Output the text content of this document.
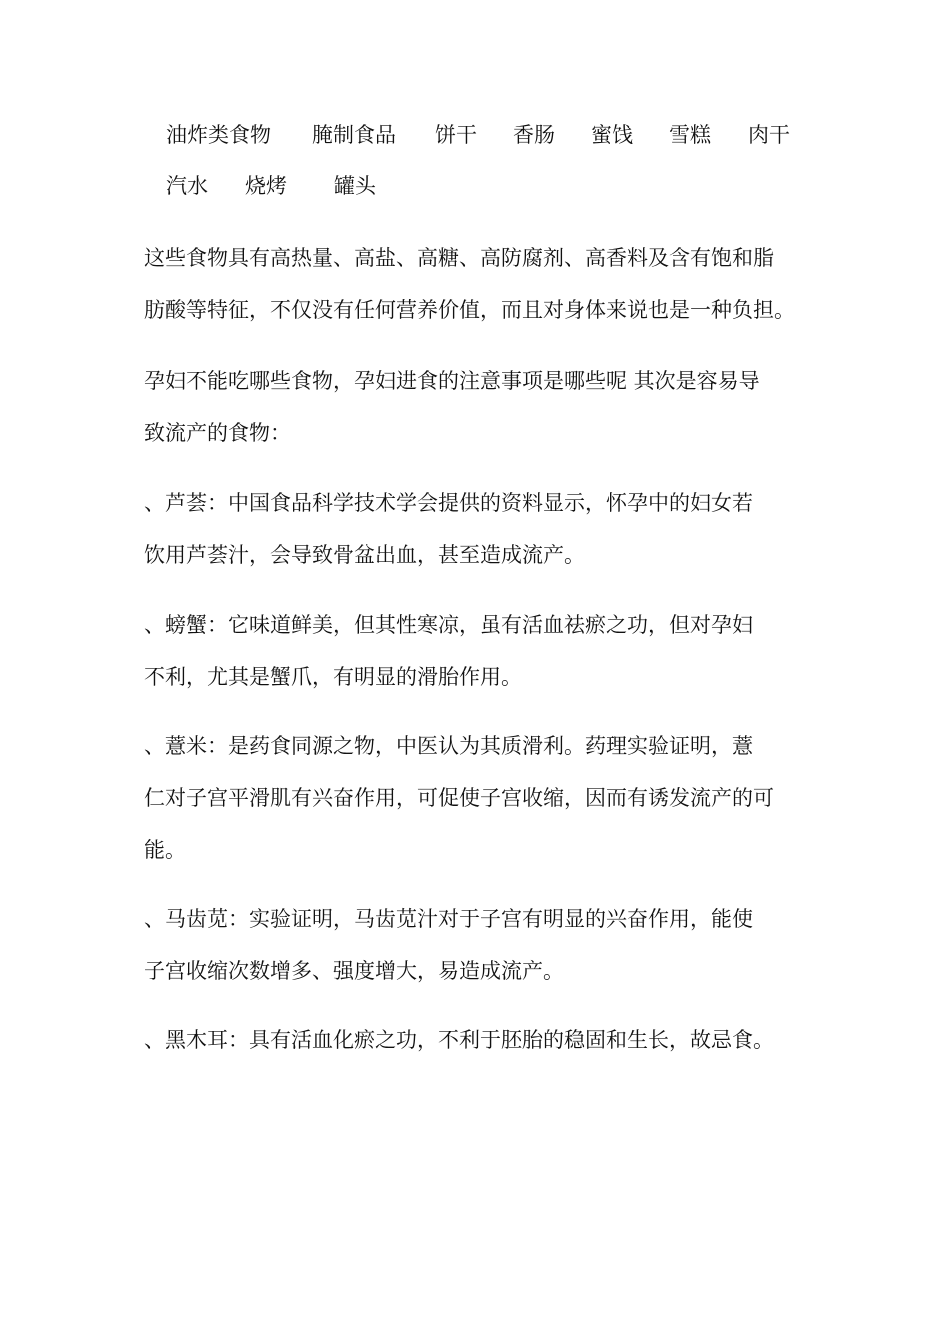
油炸类食物 腌制食品 饼干 香肠 蜜饯 雪糕 肉干
汽水 烧烤 罐头
这些食物具有高热量、高盐、高糖、高防腐剂、高香料及含有饱和脂
肪酸等特征，不仅没有任何营养价值，而且对身体来说也是一种负担。
孕妇不能吃哪些食物，孕妇进食的注意事项是哪些呢 其次是容易导
致流产的食物：
、芦荟：中国食品科学技术学会提供的资料显示，怀孕中的妇女若
饮用芦荟汁，会导致骨盆出血，甚至造成流产。
、螃蟹：它味道鲜美，但其性寒凉，虽有活血祛瘀之功，但对孕妇
不利，尤其是蟹爪，有明显的滑胎作用。
、薏米：是药食同源之物，中医认为其质滑利。药理实验证明，薏
仁对子宫平滑肌有兴奋作用，可促使子宫收缩，因而有诱发流产的可
能。
、马齿苋：实验证明，马齿苋汁对于子宫有明显的兴奋作用，能使
子宫收缩次数增多、强度增大，易造成流产。
、黑木耳：具有活血化瘀之功，不利于胚胎的稳固和生长，故忌食。
